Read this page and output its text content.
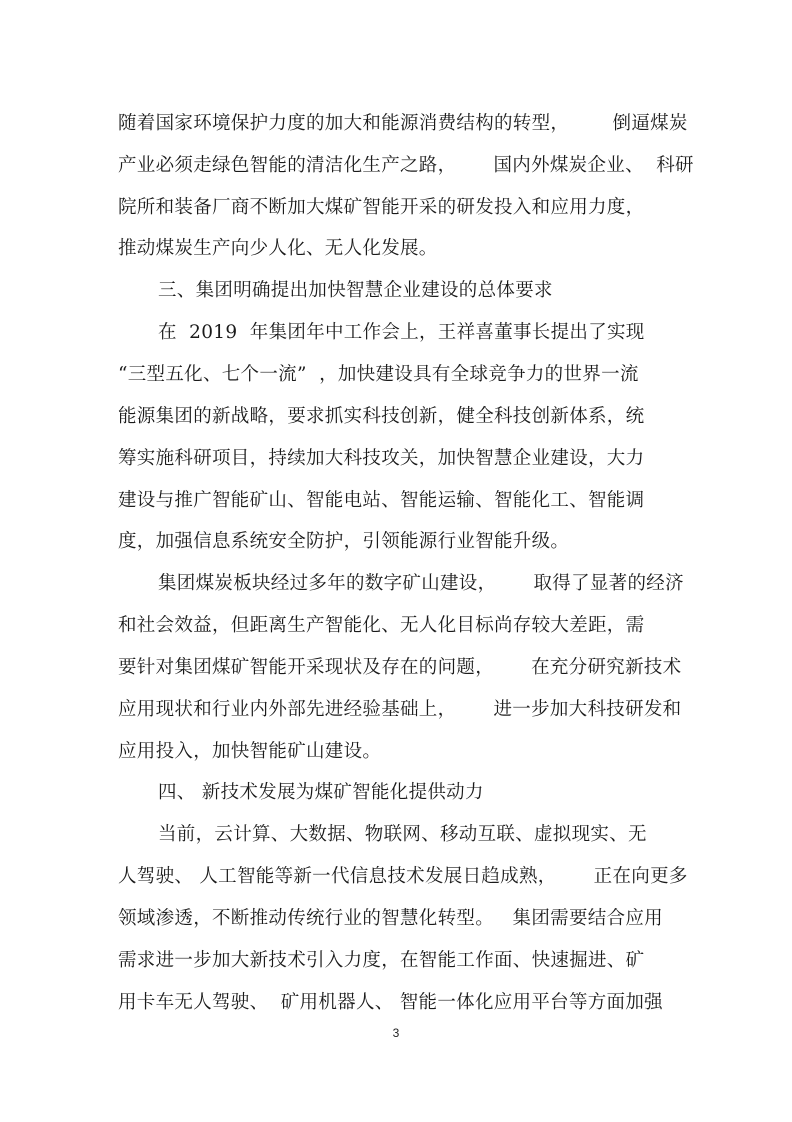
随着国家环境保护力度的加大和能源消费结构的转型，       倒逼煤炭
产业必须走绿色智能的清洁化生产之路，      国内外煤炭企业、  科研
院所和装备厂商不断加大煤矿智能开采的研发投入和应用力度，
推动煤炭生产向少人化、无人化发展。
三、集团明确提出加快智慧企业建设的总体要求
在  2019  年集团年中工作会上，王祥喜董事长提出了实现
“三型五化、七个一流”  ，加快建设具有全球竞争力的世界一流
能源集团的新战略，要求抓实科技创新，健全科技创新体系，统
筹实施科研项目，持续加大科技攻关，加快智慧企业建设，大力
建设与推广智能矿山、智能电站、智能运输、智能化工、智能调
度，加强信息系统安全防护，引领能源行业智能升级。
集团煤炭板块经过多年的数字矿山建设，      取得了显著的经济
和社会效益，但距离生产智能化、无人化目标尚存较大差距，需
要针对集团煤矿智能开采现状及存在的问题，      在充分研究新技术
应用现状和行业内外部先进经验基础上，      进一步加大科技研发和
应用投入，加快智能矿山建设。
四、 新技术发展为煤矿智能化提供动力
当前，云计算、大数据、物联网、移动互联、虚拟现实、无
人驾驶、 人工智能等新一代信息技术发展日趋成熟，      正在向更多
领域渗透，不断推动传统行业的智慧化转型。   集团需要结合应用
需求进一步加大新技术引入力度，在智能工作面、快速掘进、矿
用卡车无人驾驶、  矿用机器人、 智能一体化应用平台等方面加强
3
